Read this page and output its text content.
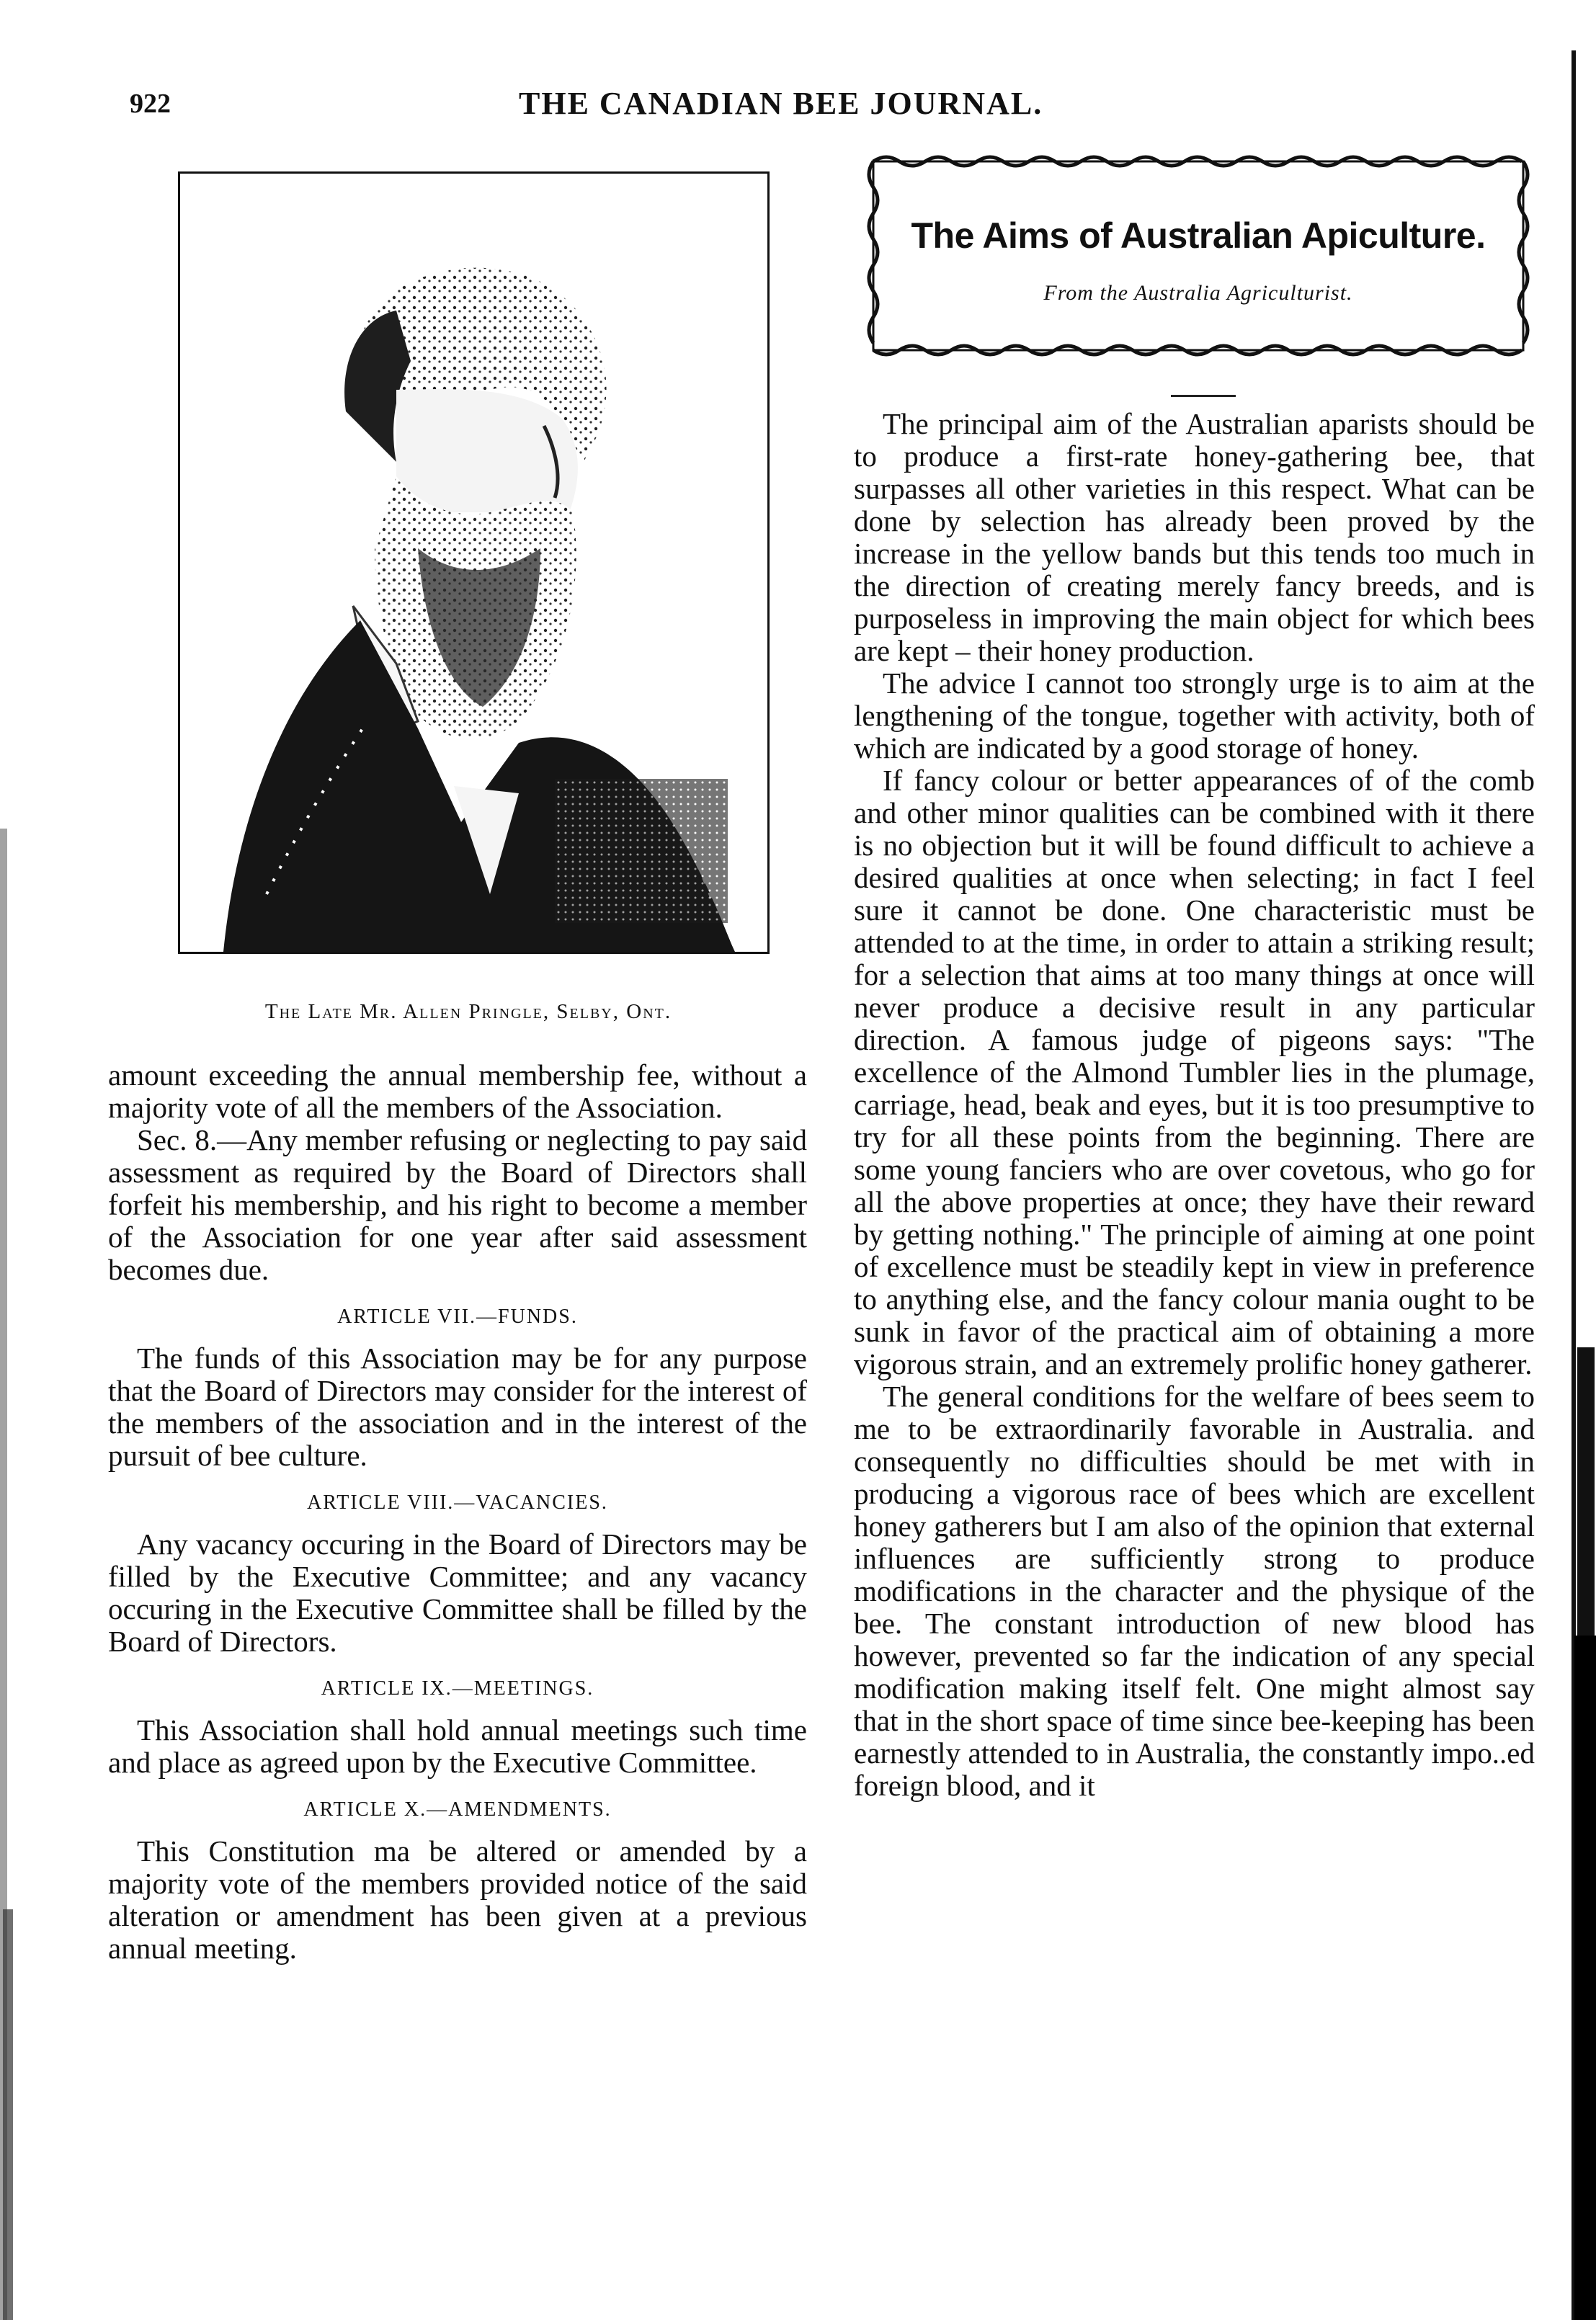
922	THE CANADIAN BEE JOURNAL.
The Late Mr. Allen Pringle, Selby, Ont.

amount exceeding the annual membership fee, without a majority vote of all the members of the Association.

Sec. 8.—Any member refusing or neglecting to pay said assessment as required by the Board of Directors shall forfeit his membership, and his right to become a member of the Association for one year after said assessment becomes due.

ARTICLE VII.—FUNDS.

The funds of this Association may be for any purpose that the Board of Directors may consider for the interest of the members of the association and in the interest of the pursuit of bee culture.

ARTICLE VIII.—VACANCIES.

Any vacancy occuring in the Board of Directors may be filled by the Executive Committee; and any vacancy occuring in the Executive Committee shall be filled by the Board of Directors.

ARTICLE IX.—MEETINGS.

This Association shall hold annual meetings such time and place as agreed upon by the Executive Committee.

ARTICLE X.—AMENDMENTS.

This Constitution ma be altered or amended by a majority vote of the members provided notice of the said alteration or amendment has been given at a previous annual meeting.

The Aims of Australian Apiculture.
From the Australia Agriculturist.

The principal aim of the Australian aparists should be to produce a first-rate honey-gathering bee, that surpasses all other varieties in this respect. What can be done by selection has already been proved by the increase in the yellow bands but this tends too much in the direction of creating merely fancy breeds, and is purposeless in improving the main object for which bees are kept – their honey production.

The advice I cannot too strongly urge is to aim at the lengthening of the tongue, together with activity, both of which are indicated by a good storage of honey.

If fancy colour or better appearances of of the comb and other minor qualities can be combined with it there is no objection but it will be found difficult to achieve a desired qualities at once when selecting; in fact I feel sure it cannot be done. One characteristic must be attended to at the time, in order to attain a striking result; for a selection that aims at too many things at once will never produce a decisive result in any particular direction. A famous judge of pigeons says: "The excellence of the Almond Tumbler lies in the plumage, carriage, head, beak and eyes, but it is too presumptive to try for all these points from the beginning. There are some young fanciers who are over covetous, who go for all the above properties at once; they have their reward by getting nothing." The principle of aiming at one point of excellence must be steadily kept in view in preference to anything else, and the fancy colour mania ought to be sunk in favor of the practical aim of obtaining a more vigorous strain, and an extremely prolific honey gatherer.

The general conditions for the welfare of bees seem to me to be extraordinarily favorable in Australia. and consequently no difficulties should be met with in producing a vigorous race of bees which are excellent honey gatherers but I am also of the opinion that external influences are sufficiently strong to produce modifications in the character and the physique of the bee. The constant introduction of new blood has however, prevented so far the indication of any special modification making itself felt. One might almost say that in the short space of time since bee-keeping has been earnestly attended to in Australia, the constantly impo..ed foreign blood, and it
